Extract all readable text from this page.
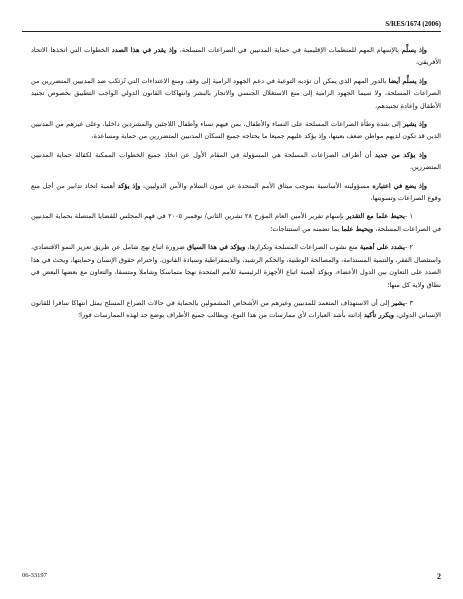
S/RES/1674 (2006)

وإذ يسلِّم بالإسهام المهم للمنظمات الإقليمية في حماية المدنيين في الصراعات المسلحة، وإذ يقدر في هذا الصدد الخطوات التي اتخذها الاتحاد الأفريقي،

وإذ يسلِّم أيضا بالدور المهم الذي يمكن أن تؤديه التوعية في دعم الجهود الرامية إلى وقف ومنع الاعتداءات التي تُرتكب ضد المدنيين المتضررين من الصراعات المسلحة، ولا سيما الجهود الرامية إلى منع الاستغلال الجنسي والاتجار بالبشر وانتهاكات القانون الدولي الواجب التطبيق بخصوص تجنيد الأطفال وإعادة تجنيدهم،

وإذ يشير إلى شدة وطأة الصراعات المسلحة على النساء والأطفال، بمن فيهم نساء وأطفال اللاجئين والمشردين داخليا، وعلى غيرهم من المدنيين الذين قد تكون لديهم مواطن ضعف بعينها، وإذ يؤكد عليهم جميعا ما يحتاجه جميع السكان المدنيين المتضررين من حماية ومساعدة،

وإذ يؤكد من جديد أن أطراف الصراعات المسلحة هي المسؤولة في المقام الأول عن اتخاذ جميع الخطوات الممكنة لكفالة حماية المدنيين المتضررين،

وإذ يضع في اعتباره مسؤوليته الأساسية بموجب ميثاق الأمم المتحدة عن صون السلام والأمن الدوليين، وإذ يؤكد أهمية اتخاذ تدابير من أجل منع وقوع الصراعات وتسويتها،

١ -يحيط علما مع التقدير بإسهام تقرير الأمين العام المؤرخ ٢٨ تشرين الثاني/ نوفمبر ٢٠٠٥ في فهم المجلس للقضايا المتصلة بحماية المدنيين في الصراعات المسلحة، ويحيط علما بما تضمنه من استنتاجات؛

٢ -يشدد على أهمية منع نشوب الصراعات المسلحة وتكرارها، ويؤكد في هذا السياق ضرورة اتباع نهج شامل عن طريق تعزيز النمو الاقتصادي، واستئصال الفقر، والتنمية المستدامة، والمصالحة الوطنية، والحكم الرشيد، والديمقراطية وسيادة القانون، واحترام حقوق الإنسان وحمايتها، ويحث في هذا الصدد على التعاون بين الدول الأعضاء، ويؤكد أهمية اتباع الأجهزة الرئيسية للأمم المتحدة نهجا متماسكا وشاملا ومتسقا، والتعاون مع بعضها البعض في نطاق ولاية كل منها؛

٣ -يشير إلى أن الاستهداف المتعمد للمدنيين وغيرهم من الأشخاص المشمولين بالحماية في حالات الصراع المسلح يمثل انتهاكا سافرا للقانون الإنساني الدولي، ويكرر تأكيد إدانته بأشد العبارات لأي ممارسات من هذا النوع، ويطالب جميع الأطراف بوضع حد لهذه الممارسات فورا؛

06-33197	2
